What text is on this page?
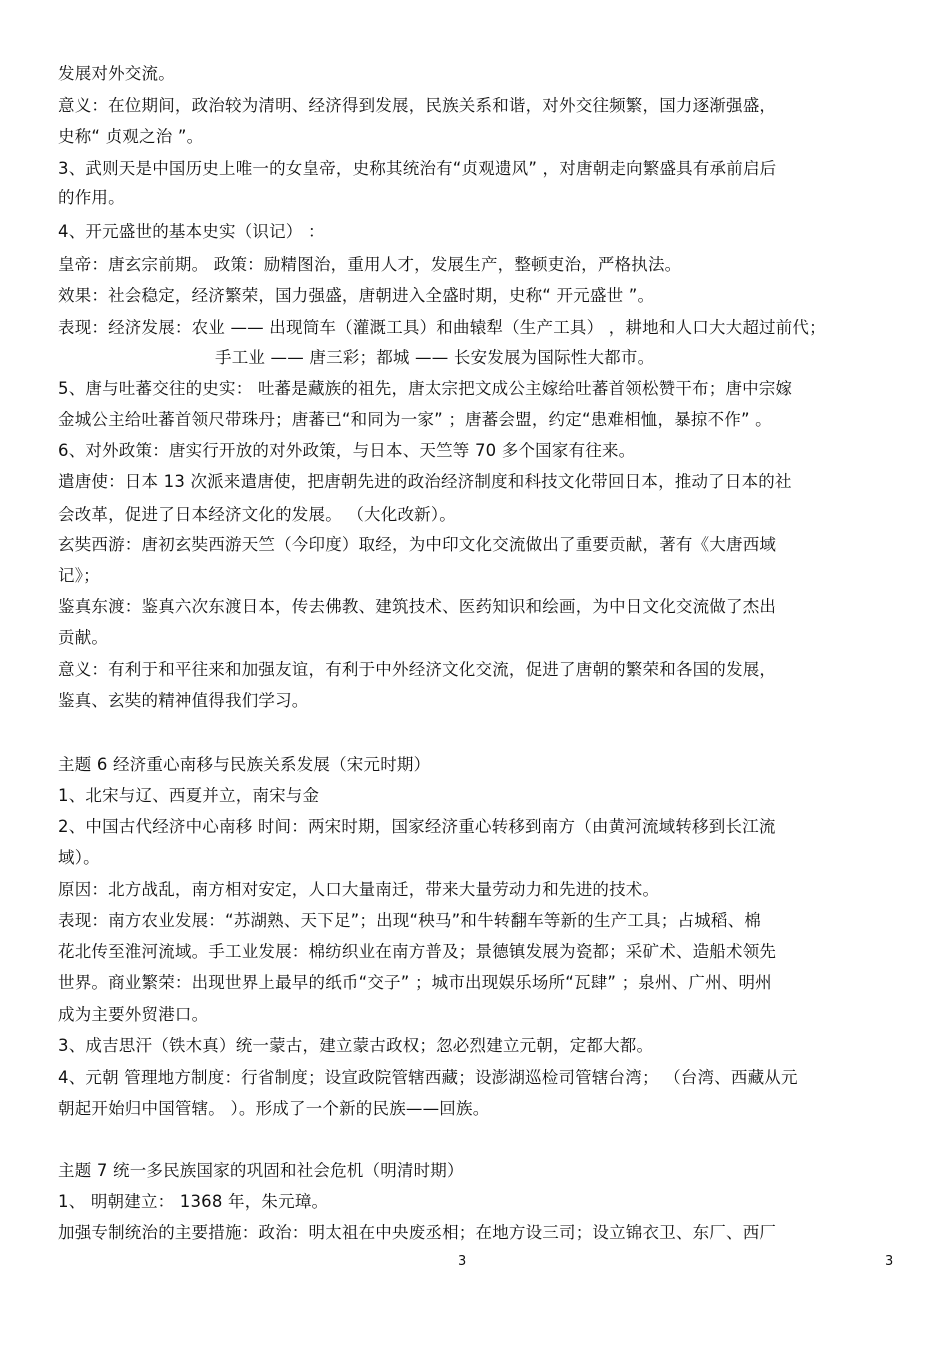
发展对外交流。
意义：在位期间，政治较为清明、经济得到发展，民族关系和谐，对外交往频繁，国力逐渐强盛，
史称“ 贞观之治 ”。
3、武则天是中国历史上唯一的女皇帝，史称其统治有“贞观遗风” ，对唐朝走向繁盛具有承前启后
的作用。
4、开元盛世的基本史实（识记） ：
皇帝：唐玄宗前期。 政策：励精图治，重用人才，发展生产，整顿吏治，严格执法。
效果：社会稳定，经济繁荣，国力强盛，唐朝进入全盛时期，史称“ 开元盛世 ”。
表现：经济发展：农业 —— 出现筒车（灌溉工具）和曲辕犁（生产工具） ，耕地和人口大大超过前代；
手工业 —— 唐三彩；都城 —— 长安发展为国际性大都市。
5、唐与吐蕃交往的史实： 吐蕃是藏族的祖先，唐太宗把文成公主嫁给吐蕃首领松赞干布；唐中宗嫁
金城公主给吐蕃首领尺带珠丹；唐蕃已“和同为一家” ；唐蕃会盟，约定“患难相恤，暴掠不作” 。
6、对外政策：唐实行开放的对外政策，与日本、天竺等 70 多个国家有往来。
遣唐使：日本 13 次派来遣唐使，把唐朝先进的政治经济制度和科技文化带回日本，推动了日本的社
会改革，促进了日本经济文化的发展。 （大化改新）。
玄奘西游：唐初玄奘西游天竺（今印度）取经，为中印文化交流做出了重要贡献，著有《大唐西域
记》；
鉴真东渡：鉴真六次东渡日本，传去佛教、建筑技术、医药知识和绘画，为中日文化交流做了杰出
贡献。
意义：有利于和平往来和加强友谊，有利于中外经济文化交流，促进了唐朝的繁荣和各国的发展，
鉴真、玄奘的精神值得我们学习。
主题 6 经济重心南移与民族关系发展（宋元时期）
1、北宋与辽、西夏并立，南宋与金
2、中国古代经济中心南移 时间：两宋时期，国家经济重心转移到南方（由黄河流域转移到长江流
域）。
原因：北方战乱，南方相对安定，人口大量南迁，带来大量劳动力和先进的技术。
表现：南方农业发展：“苏湖熟、天下足”；出现“秧马”和牛转翻车等新的生产工具；占城稻、棉
花北传至淮河流域。手工业发展：棉纺织业在南方普及；景德镇发展为瓷都；采矿术、造船术领先
世界。商业繁荣：出现世界上最早的纸币“交子” ；城市出现娱乐场所“瓦肆” ；泉州、广州、明州
成为主要外贸港口。
3、成吉思汗（铁木真）统一蒙古，建立蒙古政权；忽必烈建立元朝，定都大都。
4、元朝 管理地方制度：行省制度；设宣政院管辖西藏；设澎湖巡检司管辖台湾； （台湾、西藏从元
朝起开始归中国管辖。 ）。形成了一个新的民族——回族。
主题 7 统一多民族国家的巩固和社会危机（明清时期）
1、 明朝建立： 1368 年，朱元璋。
加强专制统治的主要措施：政治：明太祖在中央废丞相；在地方设三司；设立锦衣卫、东厂、西厂
3	3
